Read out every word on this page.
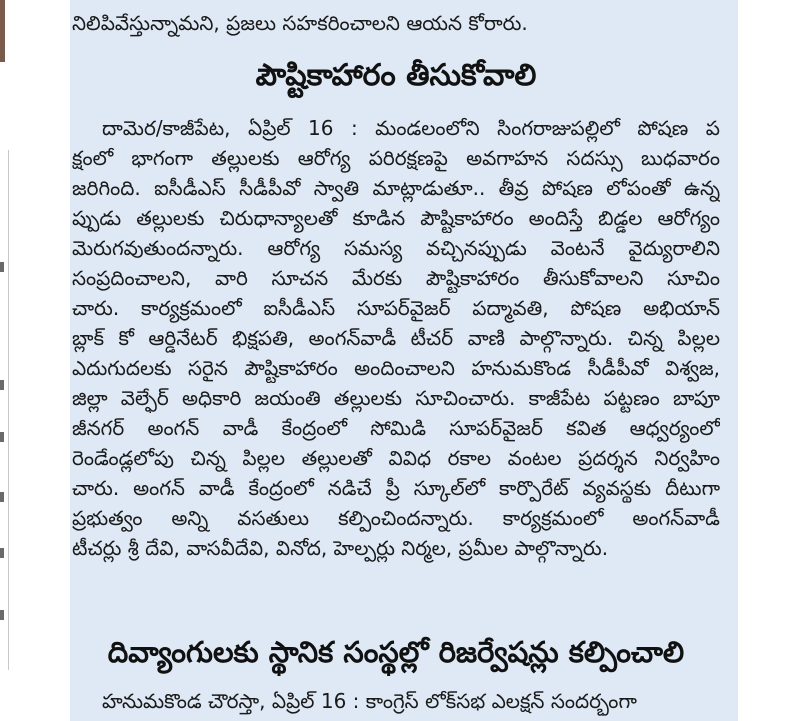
నిలిపివేస్తున్నామని, ప్రజలు సహకరించాలని ఆయన కోరారు.
పౌష్టికాహారం తీసుకోవాలి
దామెర/కాజీపేట, ఏప్రిల్ 16 : మండలంలోని సింగరాజుపల్లిలో పోషణ ప
క్షంలో భాగంగా తల్లులకు ఆరోగ్య పరిరక్షణపై అవగాహన సదస్సు బుధవారం
జరిగింది. ఐసీడీఎస్ సీడీపీవో స్వాతి మాట్లాడుతూ.. తీవ్ర పోషణ లోపంతో ఉన్న
ప్పుడు తల్లులకు చిరుధాన్యాలతో కూడిన పౌష్టికాహారం అందిస్తే బిడ్డల ఆరోగ్యం
మెరుగవుతుందన్నారు. ఆరోగ్య సమస్య వచ్చినప్పుడు వెంటనే వైద్యురాలిని
సంప్రదించాలని, వారి సూచన మేరకు పౌష్టికాహారం తీసుకోవాలని సూచిం
చారు. కార్యక్రమంలో ఐసీడీఎస్ సూపర్‌వైజర్ పద్మావతి, పోషణ అభియాన్
బ్లాక్ కో ఆర్డినేటర్ భిక్షపతి, అంగన్‌వాడీ టీచర్ వాణి పాల్గొన్నారు. చిన్న పిల్లల
ఎదుగుదలకు సరైన పౌష్టికాహారం అందించాలని హనుమకొండ సీడీపీవో విశ్వజ,
జిల్లా వెల్ఫేర్ అధికారి జయంతి తల్లులకు సూచించారు. కాజీపేట పట్టణం బాపూ
జీనగర్ అంగన్ వాడీ కేంద్రంలో సోమిడి సూపర్‌వైజర్ కవిత ఆధ్వర్యంలో
రెండేండ్లలోపు చిన్న పిల్లల తల్లులతో వివిధ రకాల వంటల ప్రదర్శన నిర్వహిం
చారు. అంగన్ వాడీ కేంద్రంలో నడిచే ప్రీ స్కూల్‌లో కార్పొరేట్ వ్యవస్థకు దీటుగా
ప్రభుత్వం అన్ని వసతులు కల్పించిందన్నారు. కార్యక్రమంలో అంగన్‌వాడీ
టీచర్లు శ్రీ దేవి, వాసవీదేవి, వినోద, హెల్పర్లు నిర్మల, ప్రమీల పాల్గొన్నారు.
దివ్యాంగులకు స్థానిక సంస్థల్లో రిజర్వేషన్లు కల్పించాలి
హనుమకొండ చౌరస్తా, ఏప్రిల్ 16 : కాంగ్రెస్ లోక్‌సభ ఎలక్షన్ సందర్భంగా
